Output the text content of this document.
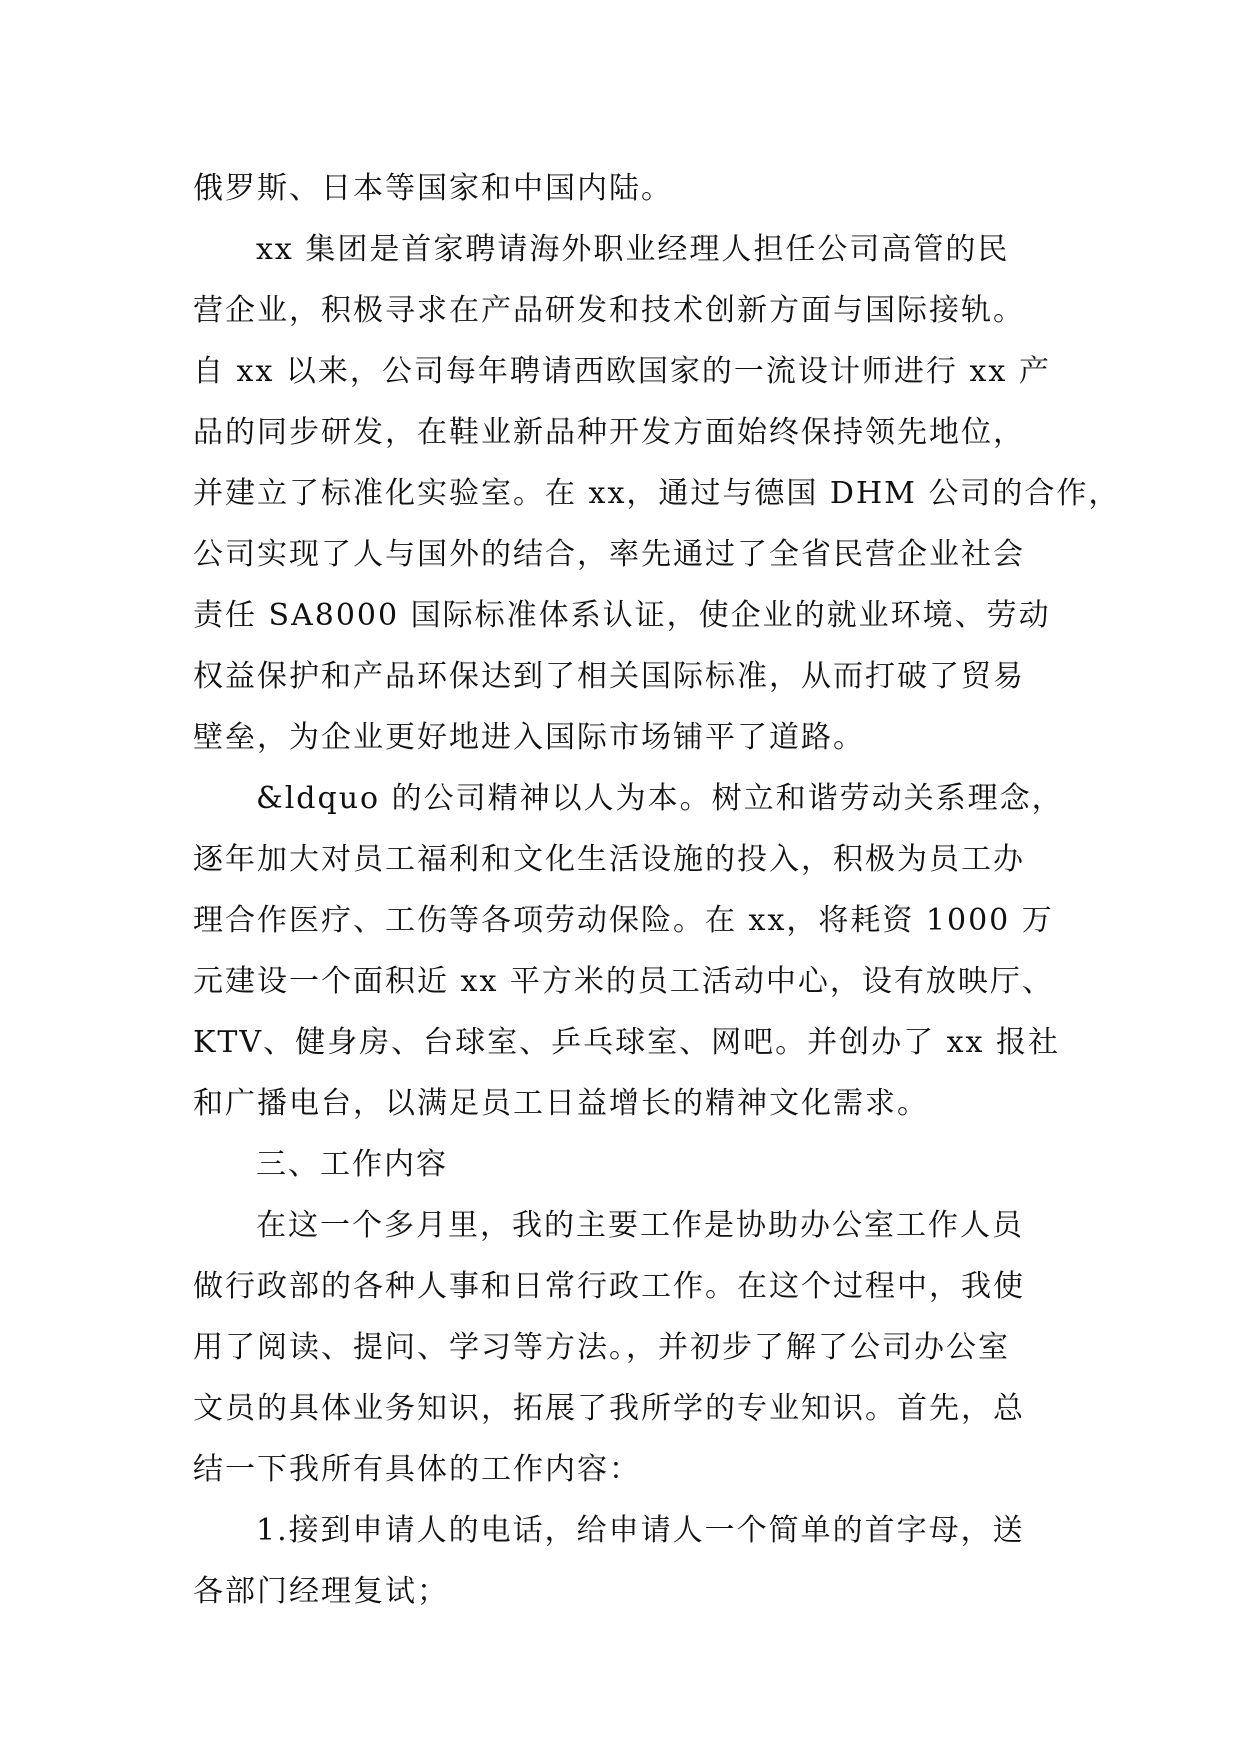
俄罗斯、日本等国家和中国内陆。
xx 集团是首家聘请海外职业经理人担任公司高管的民
营企业，积极寻求在产品研发和技术创新方面与国际接轨。
自 xx 以来，公司每年聘请西欧国家的一流设计师进行 xx 产
品的同步研发，在鞋业新品种开发方面始终保持领先地位，
并建立了标准化实验室。在 xx，通过与德国 DHM 公司的合作，
公司实现了人与国外的结合，率先通过了全省民营企业社会
责任 SA8000 国际标准体系认证，使企业的就业环境、劳动
权益保护和产品环保达到了相关国际标准，从而打破了贸易
壁垒，为企业更好地进入国际市场铺平了道路。
&ldquo 的公司精神以人为本。树立和谐劳动关系理念，
逐年加大对员工福利和文化生活设施的投入，积极为员工办
理合作医疗、工伤等各项劳动保险。在 xx，将耗资 1000 万
元建设一个面积近 xx 平方米的员工活动中心，设有放映厅、
KTV、健身房、台球室、乒乓球室、网吧。并创办了 xx 报社
和广播电台，以满足员工日益增长的精神文化需求。
三、工作内容
在这一个多月里，我的主要工作是协助办公室工作人员
做行政部的各种人事和日常行政工作。在这个过程中，我使
用了阅读、提问、学习等方法。，并初步了解了公司办公室
文员的具体业务知识，拓展了我所学的专业知识。首先，总
结一下我所有具体的工作内容：
1.接到申请人的电话，给申请人一个简单的首字母，送
各部门经理复试；
